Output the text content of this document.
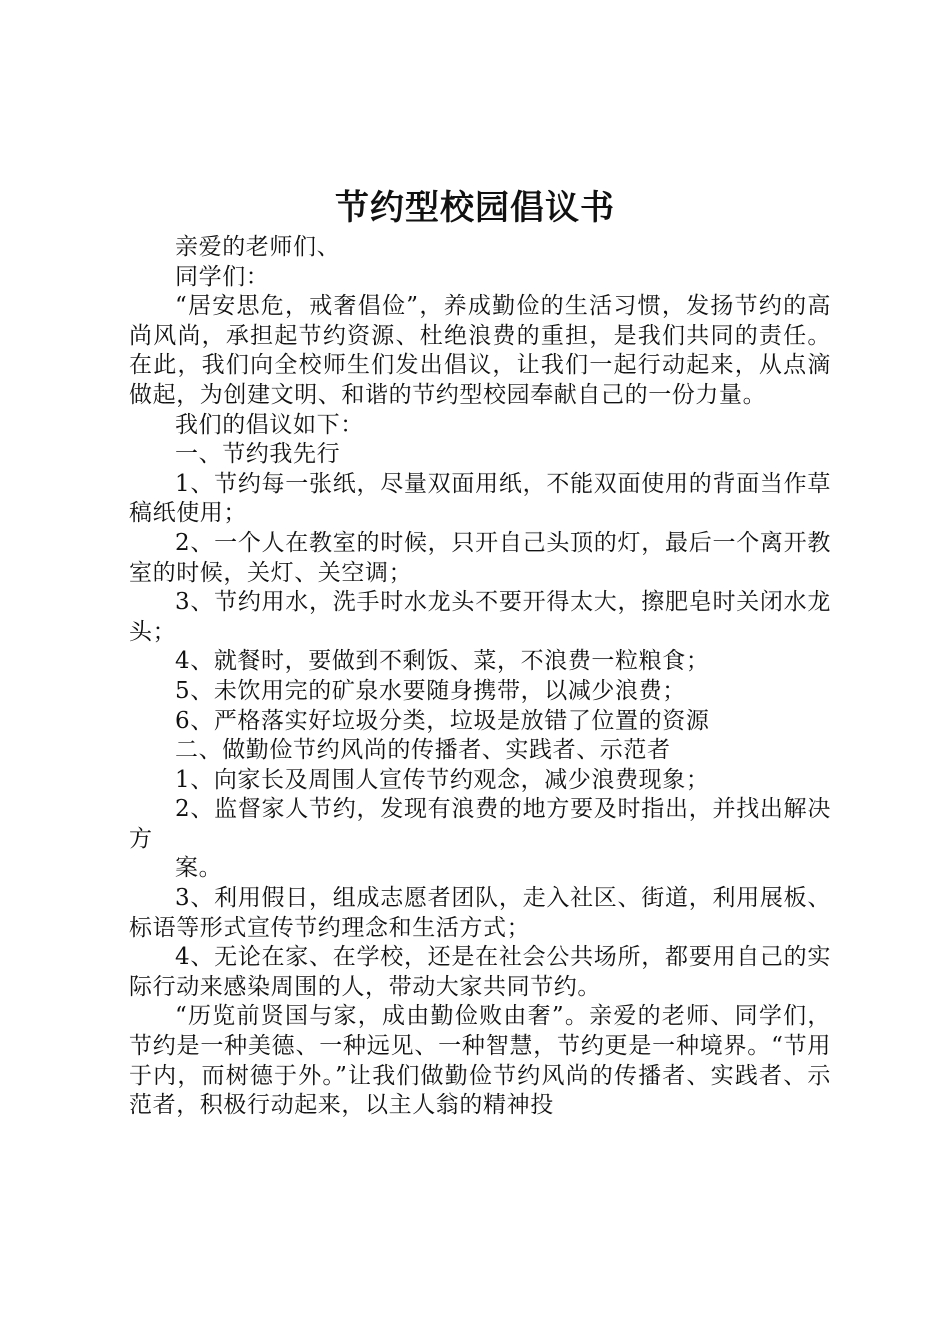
节约型校园倡议书

亲爱的老师们、

同学们：

“居安思危，戒奢倡俭”，养成勤俭的生活习惯，发扬节约的高尚风尚，承担起节约资源、杜绝浪费的重担，是我们共同的责任。在此，我们向全校师生们发出倡议，让我们一起行动起来，从点滴做起，为创建文明、和谐的节约型校园奉献自己的一份力量。

我们的倡议如下：

一、节约我先行

1、节约每一张纸，尽量双面用纸，不能双面使用的背面当作草稿纸使用；

2、一个人在教室的时候，只开自己头顶的灯，最后一个离开教室的时候，关灯、关空调；

3、节约用水，洗手时水龙头不要开得太大，擦肥皂时关闭水龙头；

4、就餐时，要做到不剩饭、菜，不浪费一粒粮食；

5、未饮用完的矿泉水要随身携带，以减少浪费；

6、严格落实好垃圾分类，垃圾是放错了位置的资源

二、做勤俭节约风尚的传播者、实践者、示范者

1、向家长及周围人宣传节约观念，减少浪费现象；

2、监督家人节约，发现有浪费的地方要及时指出，并找出解决方

案。

3、利用假日，组成志愿者团队，走入社区、街道，利用展板、标语等形式宣传节约理念和生活方式；

4、无论在家、在学校，还是在社会公共场所，都要用自己的实际行动来感染周围的人，带动大家共同节约。

“历览前贤国与家，成由勤俭败由奢”。亲爱的老师、同学们，节约是一种美德、一种远见、一种智慧，节约更是一种境界。“节用于内，而树德于外。”让我们做勤俭节约风尚的传播者、实践者、示范者，积极行动起来，以主人翁的精神投
